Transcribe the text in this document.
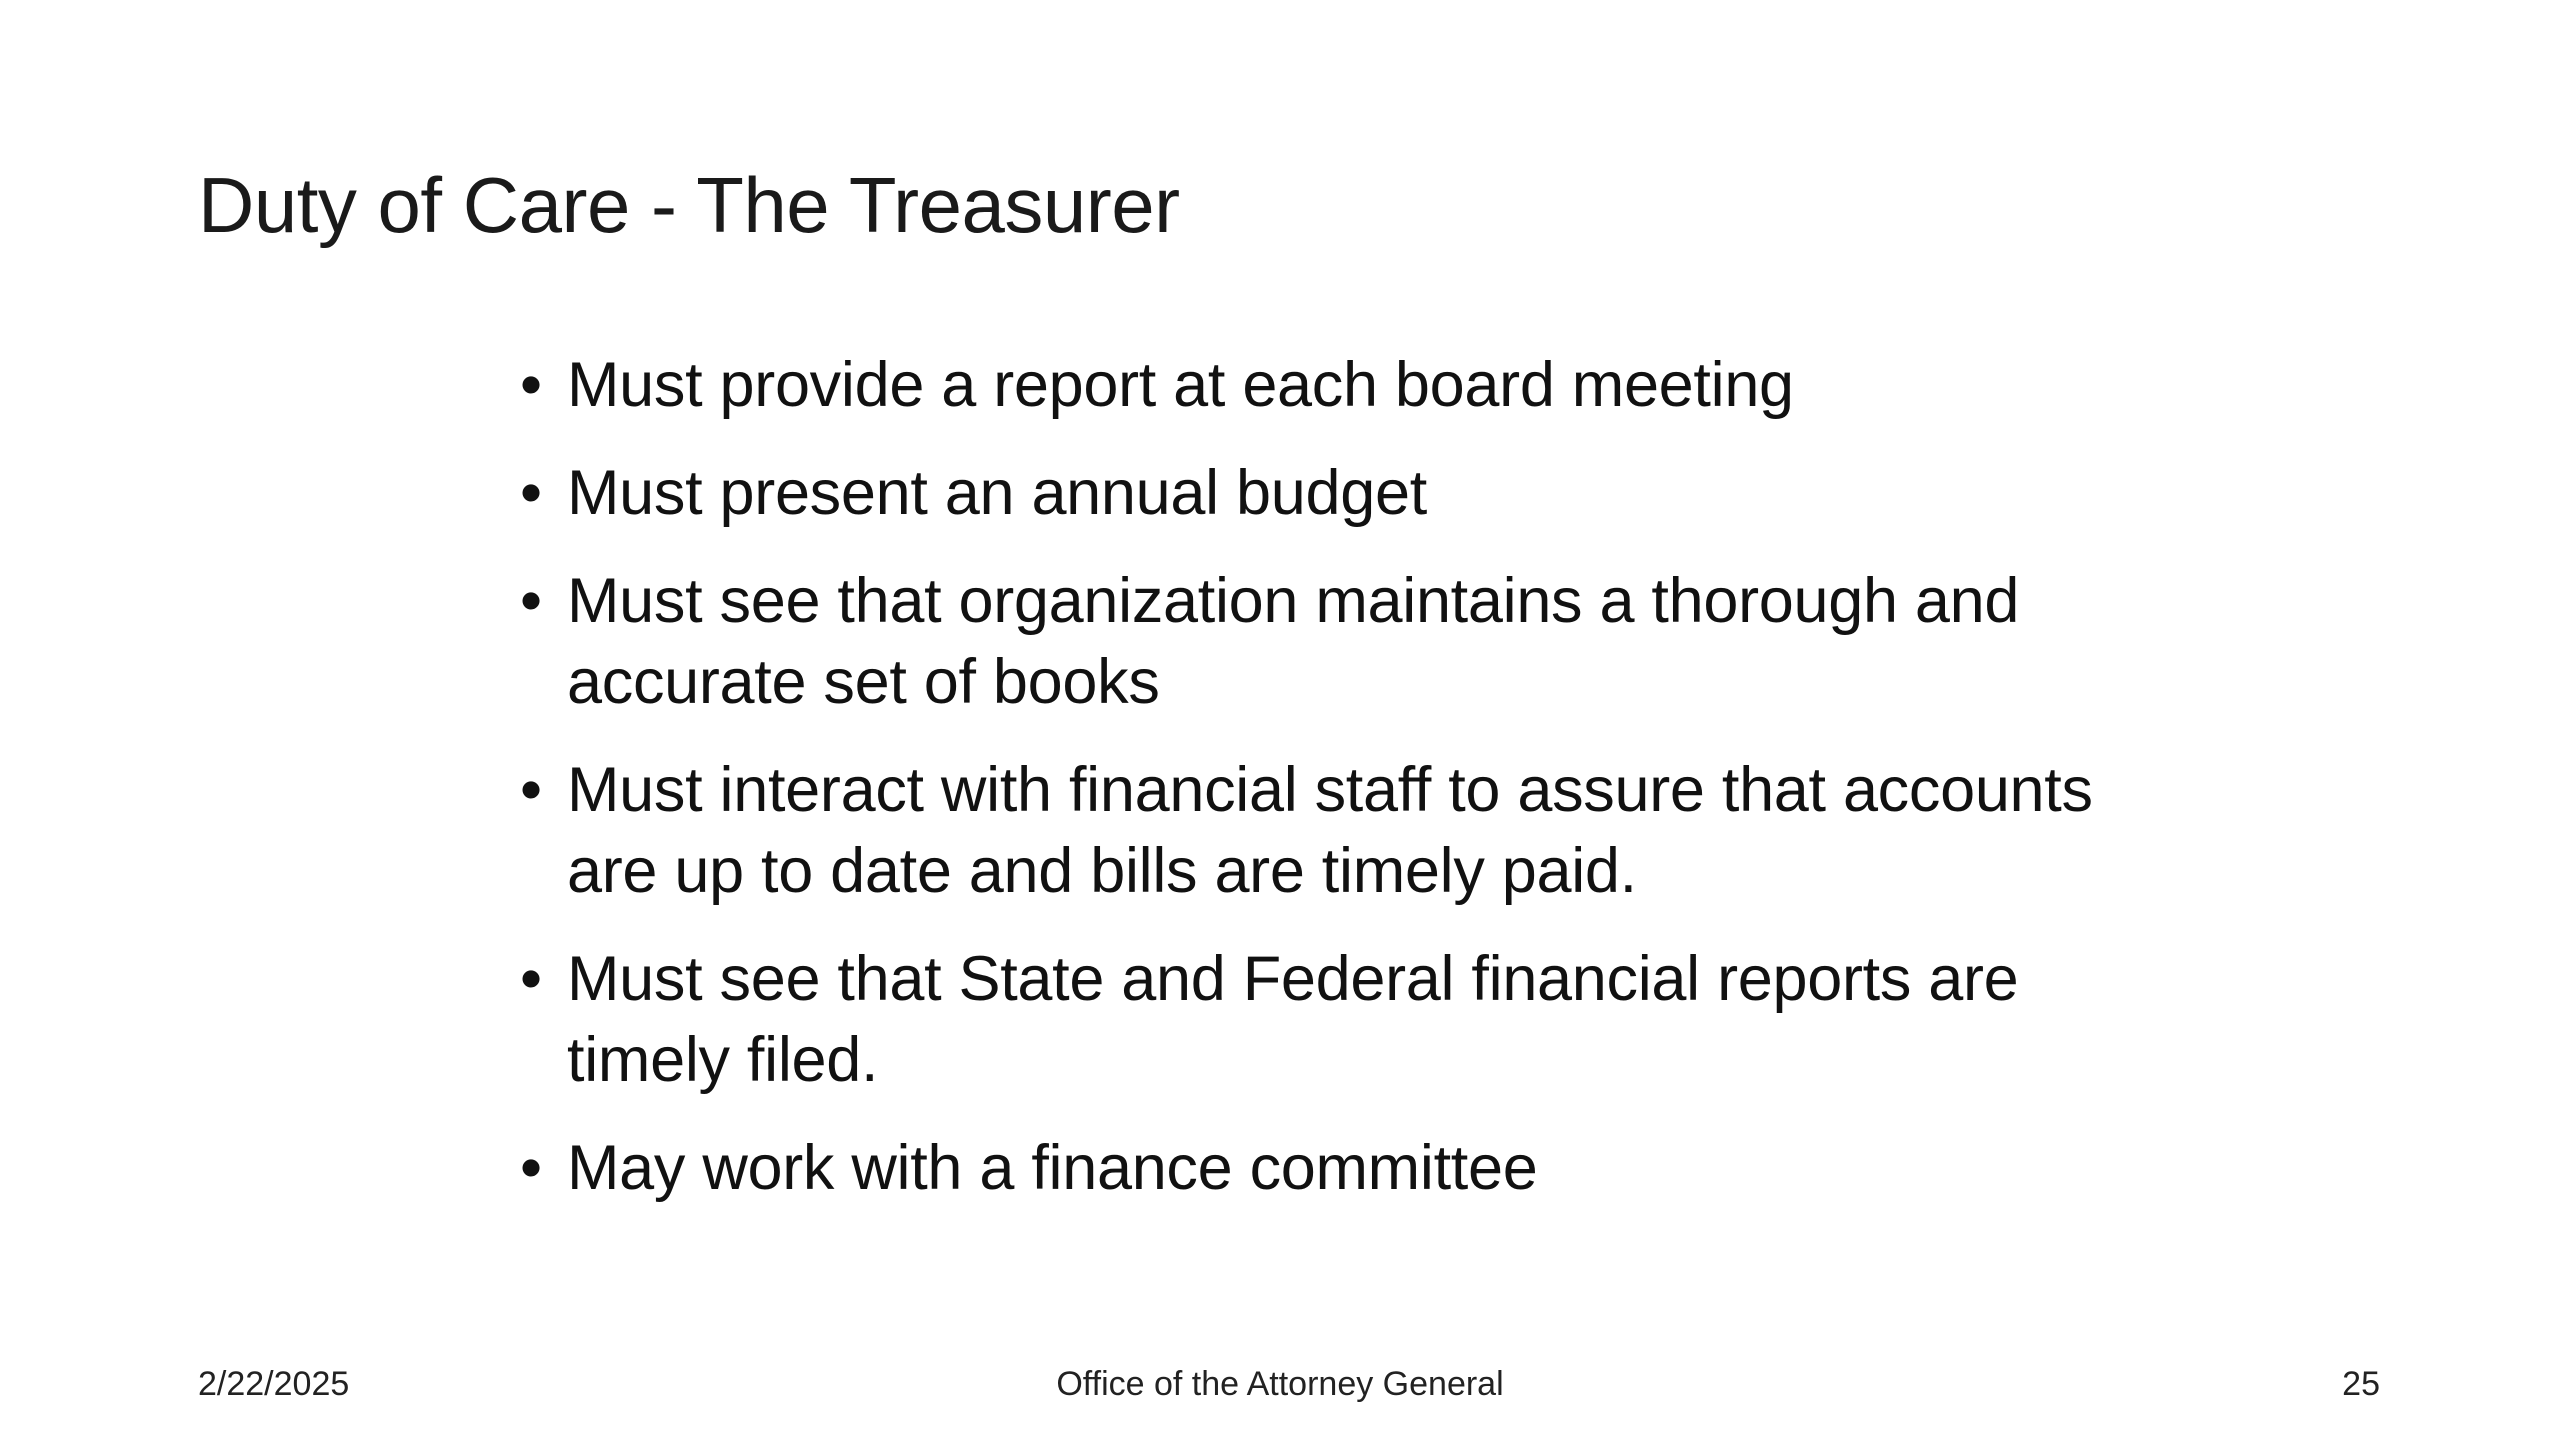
Duty of Care - The Treasurer
• Must provide a report at each board meeting
• Must present an annual budget
• Must see that organization maintains a thorough and accurate set of books
• Must interact with financial staff to assure that accounts are up to date and bills are timely paid.
• Must see that State and Federal financial reports are timely filed.
• May work with a finance committee
2/22/2025	Office of the Attorney General	25
